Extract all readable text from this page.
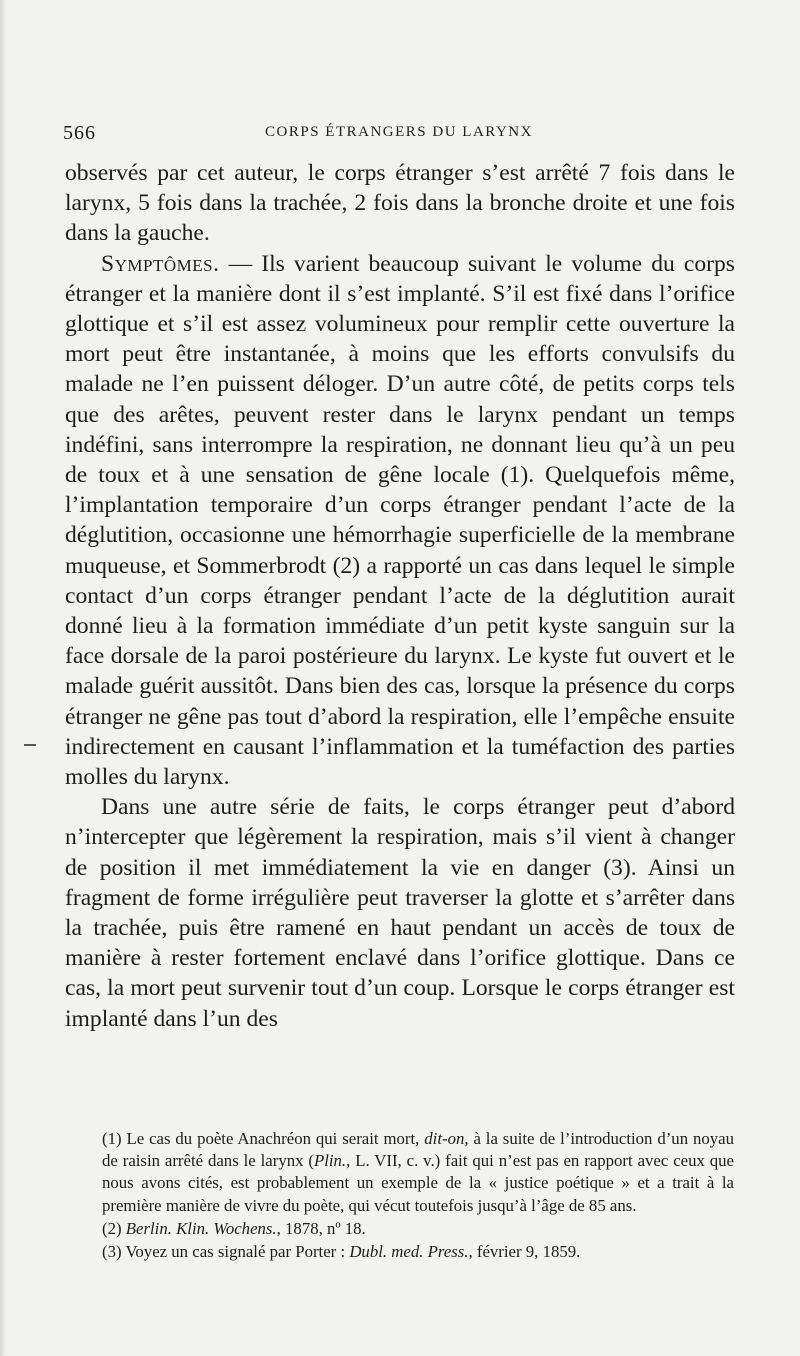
566	CORPS ÉTRANGERS DU LARYNX

observés par cet auteur, le corps étranger s’est arrêté 7 fois dans le larynx, 5 fois dans la trachée, 2 fois dans la bronche droite et une fois dans la gauche.

Symptômes. — Ils varient beaucoup suivant le volume du corps étranger et la manière dont il s’est implanté. S’il est fixé dans l’orifice glottique et s’il est assez volumineux pour remplir cette ouverture la mort peut être instantanée, à moins que les efforts convulsifs du malade ne l’en puissent déloger. D’un autre côté, de petits corps tels que des arêtes, peuvent rester dans le larynx pendant un temps indéfini, sans interrompre la respiration, ne donnant lieu qu’à un peu de toux et à une sensation de gêne locale (1). Quelquefois même, l’implantation temporaire d’un corps étranger pendant l’acte de la déglutition, occasionne une hémorrhagie superficielle de la membrane muqueuse, et Sommerbrodt (2) a rapporté un cas dans lequel le simple contact d’un corps étranger pendant l’acte de la déglutition aurait donné lieu à la formation immédiate d’un petit kyste sanguin sur la face dorsale de la paroi postérieure du larynx. Le kyste fut ouvert et le malade guérit aussitôt. Dans bien des cas, lorsque la présence du corps étranger ne gêne pas tout d’abord la respiration, elle l’empêche ensuite indirectement en causant l’inflammation et la tuméfaction des parties molles du larynx.

Dans une autre série de faits, le corps étranger peut d’abord n’intercepter que légèrement la respiration, mais s’il vient à changer de position il met immédiatement la vie en danger (3). Ainsi un fragment de forme irrégulière peut traverser la glotte et s’arrêter dans la trachée, puis être ramené en haut pendant un accès de toux de manière à rester fortement enclavé dans l’orifice glottique. Dans ce cas, la mort peut survenir tout d’un coup. Lorsque le corps étranger est implanté dans l’un des

(1) Le cas du poète Anachréon qui serait mort, dit-on, à la suite de l’introduction d’un noyau de raisin arrêté dans le larynx (Plin., L. VII, c. v.) fait qui n’est pas en rapport avec ceux que nous avons cités, est probablement un exemple de la « justice poétique » et a trait à la première manière de vivre du poète, qui vécut toutefois jusqu’à l’âge de 85 ans.

(2) Berlin. Klin. Wochens., 1878, nº 18.

(3) Voyez un cas signalé par Porter : Dubl. med. Press., février 9, 1859.
